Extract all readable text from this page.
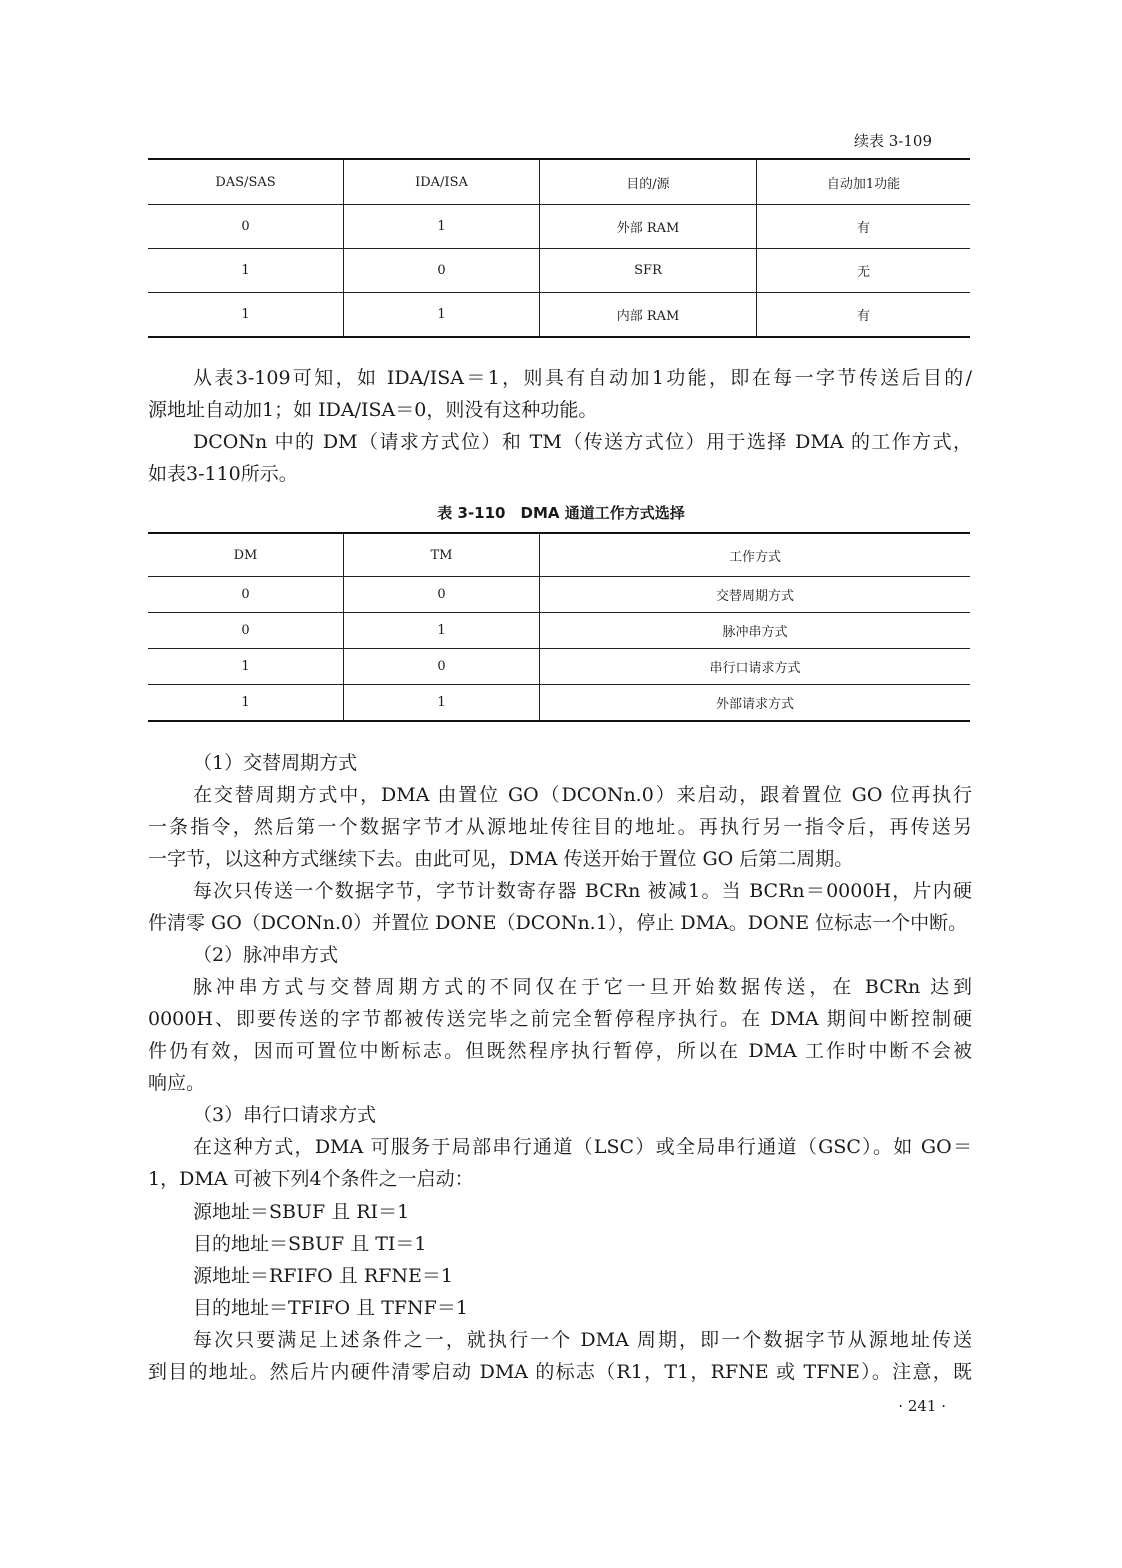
续表 3-109
DAS/SAS	IDA/ISA	目的/源	自动加1功能
0	1	外部 RAM	有
1	0	SFR	无
1	1	内部 RAM	有
从表3-109可知，如 IDA/ISA＝1，则具有自动加1功能，即在每一字节传送后目的/
源地址自动加1；如 IDA/ISA＝0，则没有这种功能。
DCONn 中的 DM（请求方式位）和 TM（传送方式位）用于选择 DMA 的工作方式，
如表3-110所示。
表 3-110　DMA 通道工作方式选择
DM	TM	工作方式
0	0	交替周期方式
0	1	脉冲串方式
1	0	串行口请求方式
1	1	外部请求方式
（1）交替周期方式
在交替周期方式中，DMA 由置位 GO（DCONn.0）来启动，跟着置位 GO 位再执行
一条指令，然后第一个数据字节才从源地址传往目的地址。再执行另一指令后，再传送另
一字节，以这种方式继续下去。由此可见，DMA 传送开始于置位 GO 后第二周期。
每次只传送一个数据字节，字节计数寄存器 BCRn 被减1。当 BCRn＝0000H，片内硬
件清零 GO（DCONn.0）并置位 DONE（DCONn.1），停止 DMA。DONE 位标志一个中断。
（2）脉冲串方式
脉冲串方式与交替周期方式的不同仅在于它一旦开始数据传送，在 BCRn 达到
0000H、即要传送的字节都被传送完毕之前完全暂停程序执行。在 DMA 期间中断控制硬
件仍有效，因而可置位中断标志。但既然程序执行暂停，所以在 DMA 工作时中断不会被
响应。
（3）串行口请求方式
在这种方式，DMA 可服务于局部串行通道（LSC）或全局串行通道（GSC）。如 GO＝
1，DMA 可被下列4个条件之一启动：
源地址＝SBUF 且 RI＝1
目的地址＝SBUF 且 TI＝1
源地址＝RFIFO 且 RFNE＝1
目的地址＝TFIFO 且 TFNF＝1
每次只要满足上述条件之一，就执行一个 DMA 周期，即一个数据字节从源地址传送
到目的地址。然后片内硬件清零启动 DMA 的标志（R1，T1，RFNE 或 TFNE）。注意，既
· 241 ·
